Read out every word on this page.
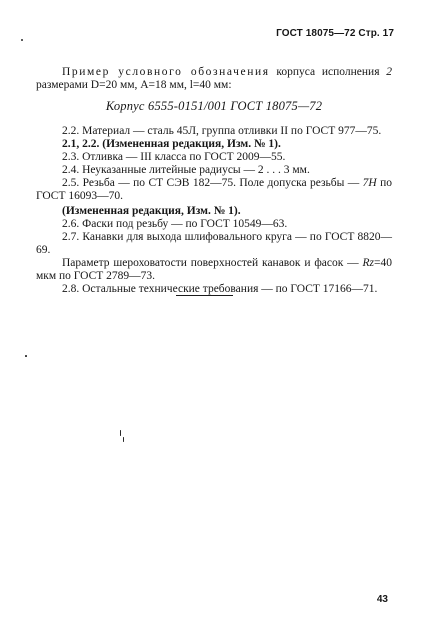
ГОСТ 18075—72 Стр. 17

Пример условного обозначения корпуса исполнения 2 размерами D=20 мм, A=18 мм, l=40 мм:

Корпус 6555-0151/001 ГОСТ 18075—72

2.2. Материал — сталь 45Л, группа отливки II по ГОСТ 977—75.

2.1, 2.2. (Измененная редакция, Изм. № 1).

2.3. Отливка — III класса по ГОСТ 2009—55.

2.4. Неуказанные литейные радиусы — 2 . . . 3 мм.

2.5. Резьба — по СТ СЭВ 182—75. Поле допуска резьбы — 7H по ГОСТ 16093—70.

(Измененная редакция, Изм. № 1).

2.6. Фаски под резьбу — по ГОСТ 10549—63.

2.7. Канавки для выхода шлифовального круга — по ГОСТ 8820—69.

Параметр шероховатости поверхностей канавок и фасок — Rz=40 мкм по ГОСТ 2789—73.

2.8. Остальные технические требования — по ГОСТ 17166—71.

43
